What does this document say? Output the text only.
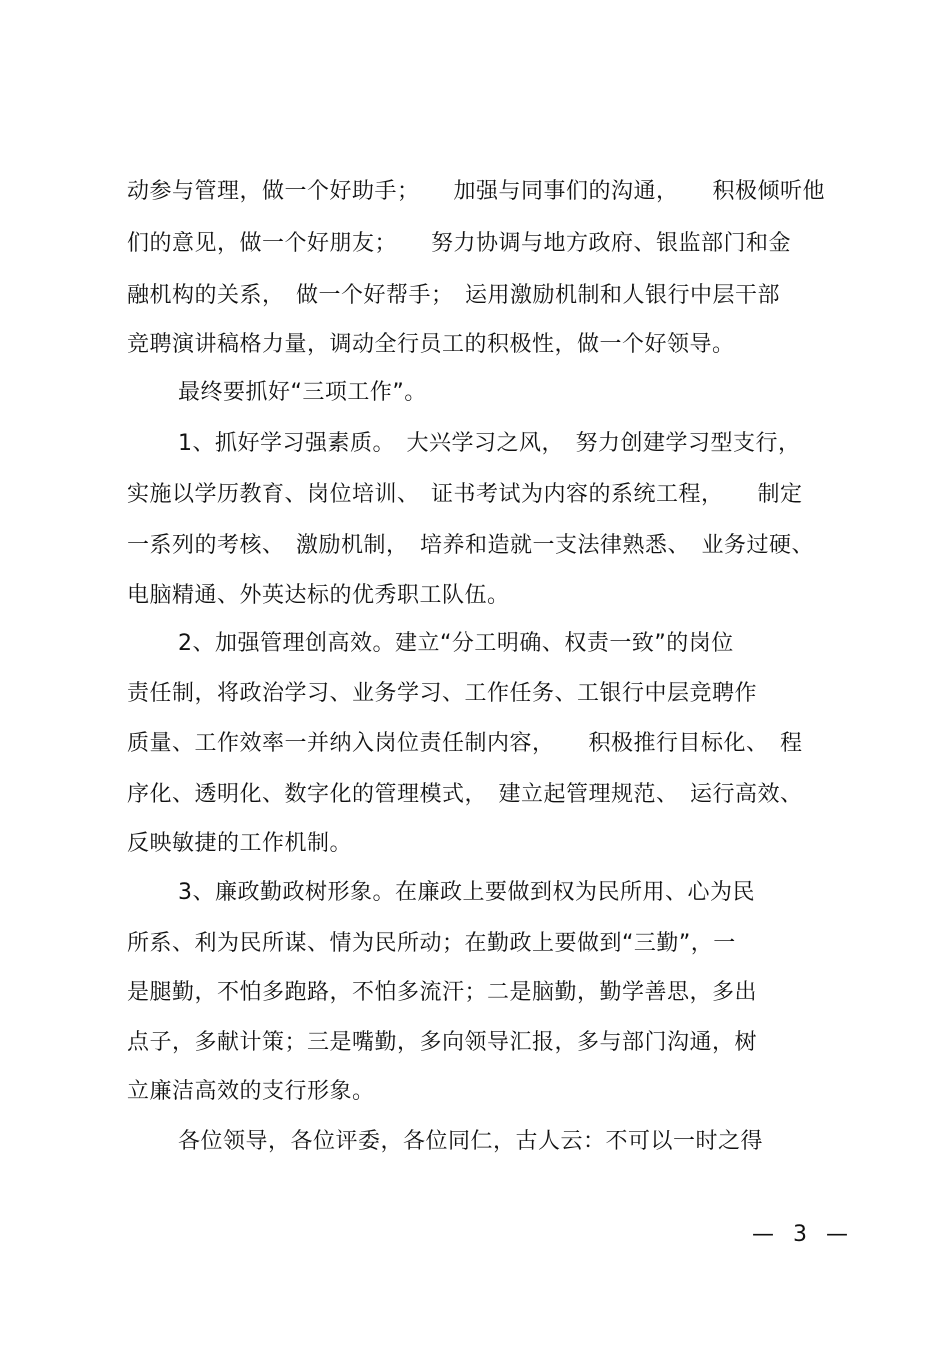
动参与管理，做一个好助手；　　加强与同事们的沟通，　　积极倾听他
们的意见，做一个好朋友；　　努力协调与地方政府、银监部门和金
融机构的关系，　做一个好帮手；　运用激励机制和人银行中层干部
竞聘演讲稿格力量，调动全行员工的积极性，做一个好领导。
最终要抓好“三项工作”。
1、抓好学习强素质。　大兴学习之风，　努力创建学习型支行，
实施以学历教育、岗位培训、　证书考试为内容的系统工程，　　制定
一系列的考核、　激励机制，　培养和造就一支法律熟悉、　业务过硬、
电脑精通、外英达标的优秀职工队伍。
2、加强管理创高效。建立“分工明确、权责一致”的岗位
责任制，将政治学习、业务学习、工作任务、工银行中层竞聘作
质量、工作效率一并纳入岗位责任制内容，　　积极推行目标化、　程
序化、透明化、数字化的管理模式，　建立起管理规范、　运行高效、
反映敏捷的工作机制。
3、廉政勤政树形象。在廉政上要做到权为民所用、心为民
所系、利为民所谋、情为民所动；在勤政上要做到“三勤”，一
是腿勤，不怕多跑路，不怕多流汗；二是脑勤，勤学善思，多出
点子，多献计策；三是嘴勤，多向领导汇报，多与部门沟通，树
立廉洁高效的支行形象。
各位领导，各位评委，各位同仁，古人云：不可以一时之得
— 3 —
